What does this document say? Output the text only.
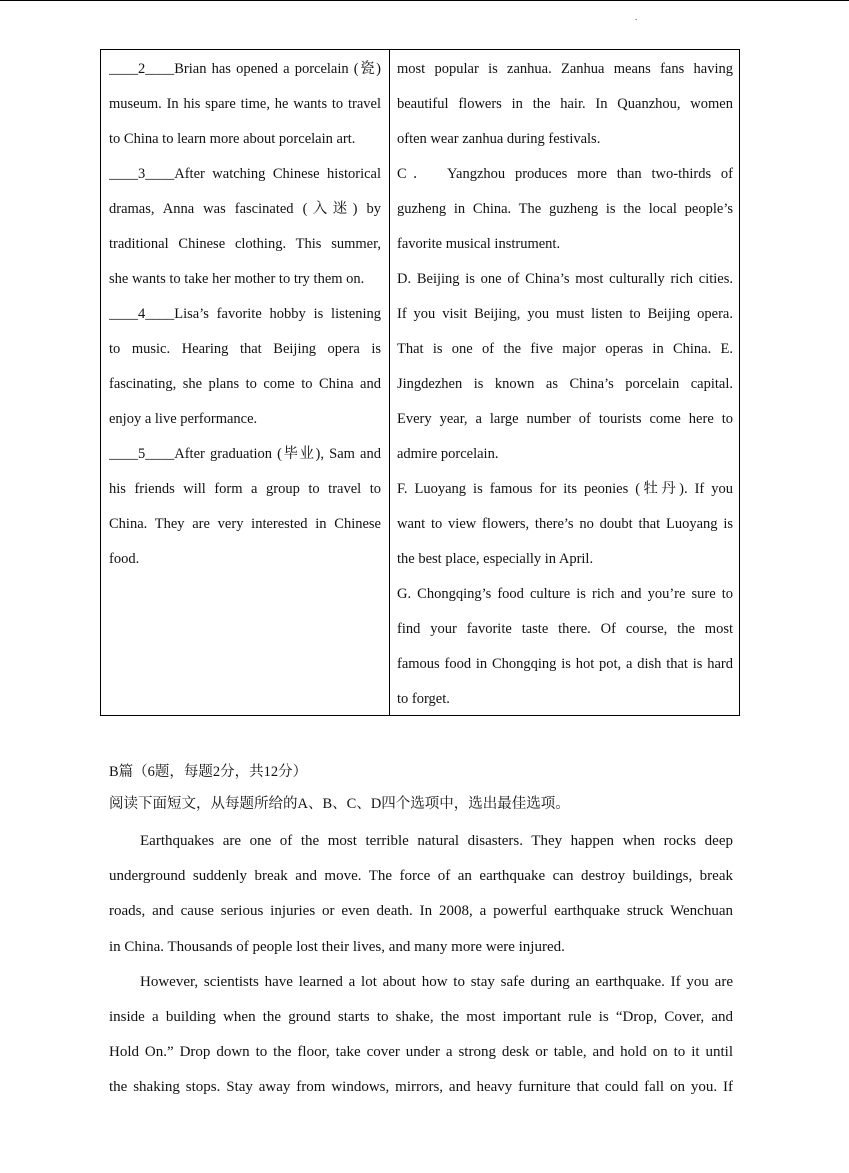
.
____2____Brian has opened a porcelain (瓷)
museum. In his spare time, he wants to travel
to China to learn more about porcelain art.
____3____After watching Chinese historical
dramas, Anna was fascinated (入迷) by
traditional Chinese clothing. This summer,
she wants to take her mother to try them on.
____4____Lisa’s favorite hobby is listening
to music. Hearing that Beijing opera is
fascinating, she plans to come to China and
enjoy a live performance.
____5____After graduation (毕业), Sam and
his friends will form a group to travel to
China. They are very interested in Chinese
food.
most popular is zanhua. Zanhua means fans having
beautiful flowers in the hair. In Quanzhou, women
often wear zanhua during festivals.
C．　Yangzhou produces more than two-thirds of
guzheng in China. The guzheng is the local people’s
favorite musical instrument.
D. Beijing is one of China’s most culturally rich cities.
If you visit Beijing, you must listen to Beijing opera.
That is one of the five major operas in China. E.
Jingdezhen is known as China’s porcelain capital.
Every year, a large number of tourists come here to
admire porcelain.
F. Luoyang is famous for its peonies (牡丹). If you
want to view flowers, there’s no doubt that Luoyang is
the best place, especially in April.
G. Chongqing’s food culture is rich and you’re sure to
find your favorite taste there. Of course, the most
famous food in Chongqing is hot pot, a dish that is hard
to forget.
B篇（6题，每题2分，共12分）
阅读下面短文，从每题所给的A、B、C、D四个选项中，选出最佳选项。
Earthquakes are one of the most terrible natural disasters. They happen when rocks deep
underground suddenly break and move. The force of an earthquake can destroy buildings, break
roads, and cause serious injuries or even death. In 2008, a powerful earthquake struck Wenchuan
in China. Thousands of people lost their lives, and many more were injured.
However, scientists have learned a lot about how to stay safe during an earthquake. If you are
inside a building when the ground starts to shake, the most important rule is “Drop, Cover, and
Hold On.” Drop down to the floor, take cover under a strong desk or table, and hold on to it until
the shaking stops. Stay away from windows, mirrors, and heavy furniture that could fall on you. If
